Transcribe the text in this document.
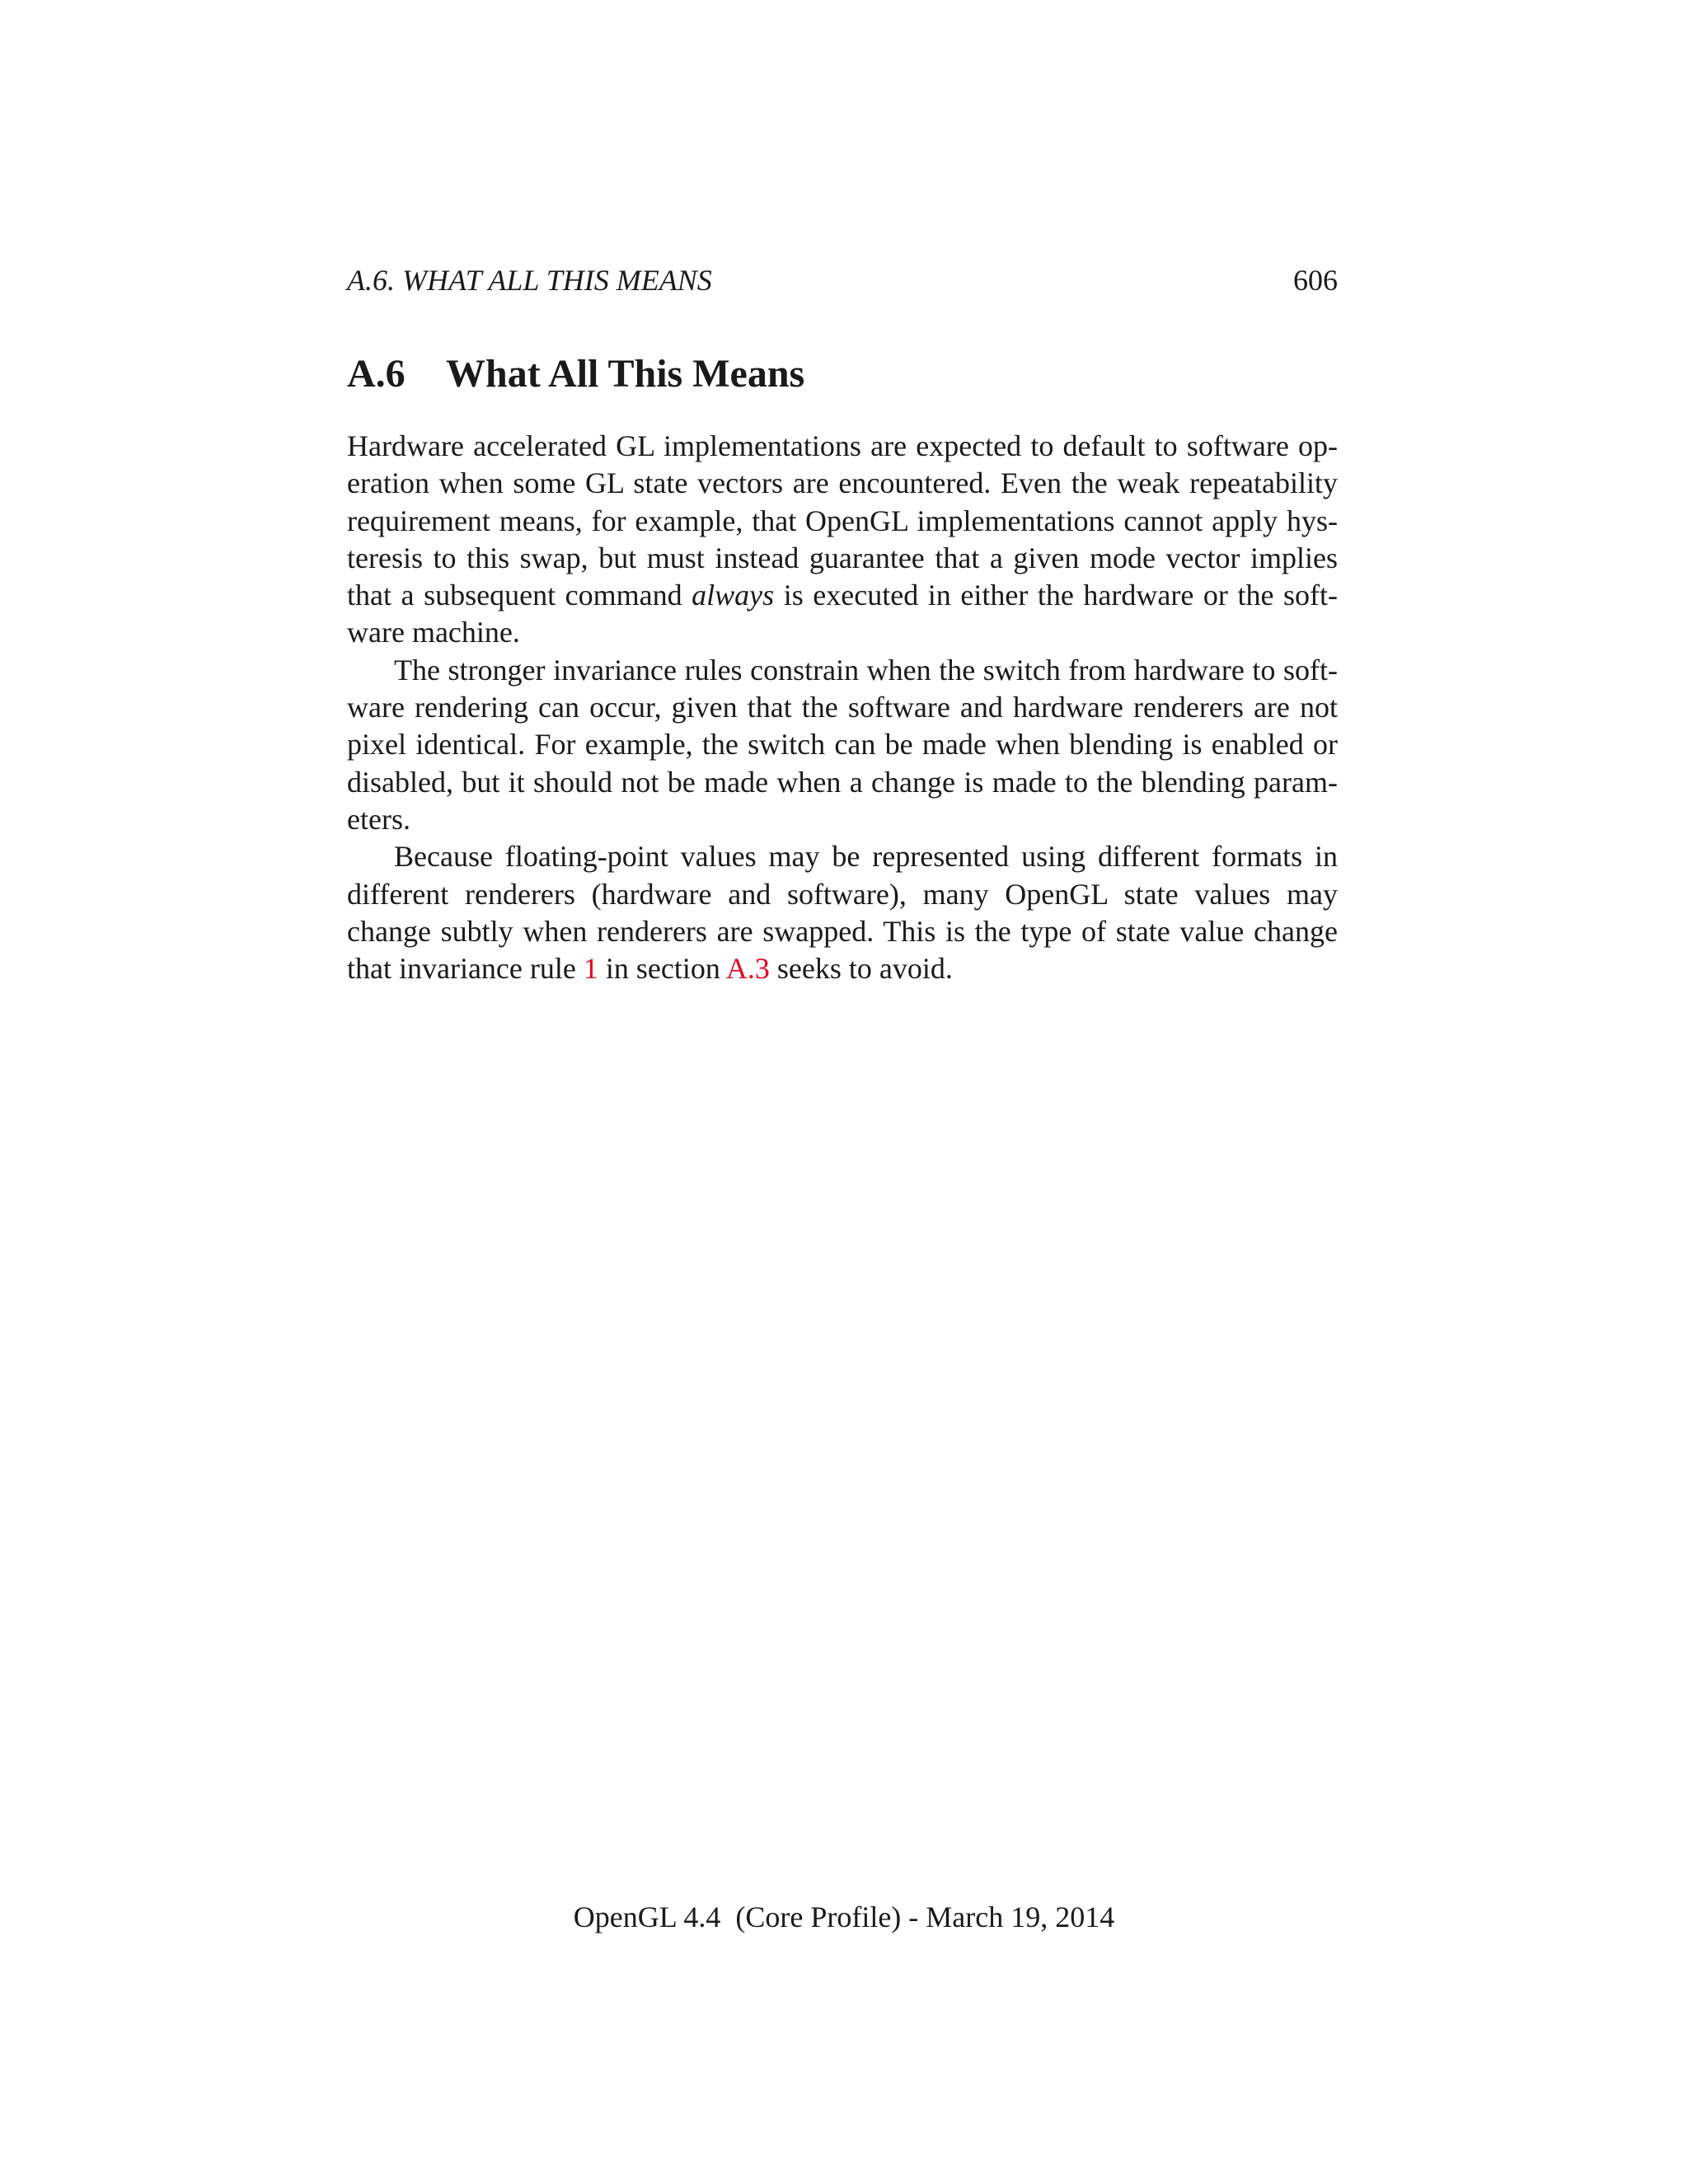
A.6. WHAT ALL THIS MEANS	606
A.6 What All This Means

Hardware accelerated GL implementations are expected to default to software operation when some GL state vectors are encountered. Even the weak repeatability requirement means, for example, that OpenGL implementations cannot apply hysteresis to this swap, but must instead guarantee that a given mode vector implies that a subsequent command always is executed in either the hardware or the software machine.

The stronger invariance rules constrain when the switch from hardware to software rendering can occur, given that the software and hardware renderers are not pixel identical. For example, the switch can be made when blending is enabled or disabled, but it should not be made when a change is made to the blending parameters.

Because floating-point values may be represented using different formats in different renderers (hardware and software), many OpenGL state values may change subtly when renderers are swapped. This is the type of state value change that invariance rule 1 in section A.3 seeks to avoid.

OpenGL 4.4  (Core Profile) - March 19, 2014
